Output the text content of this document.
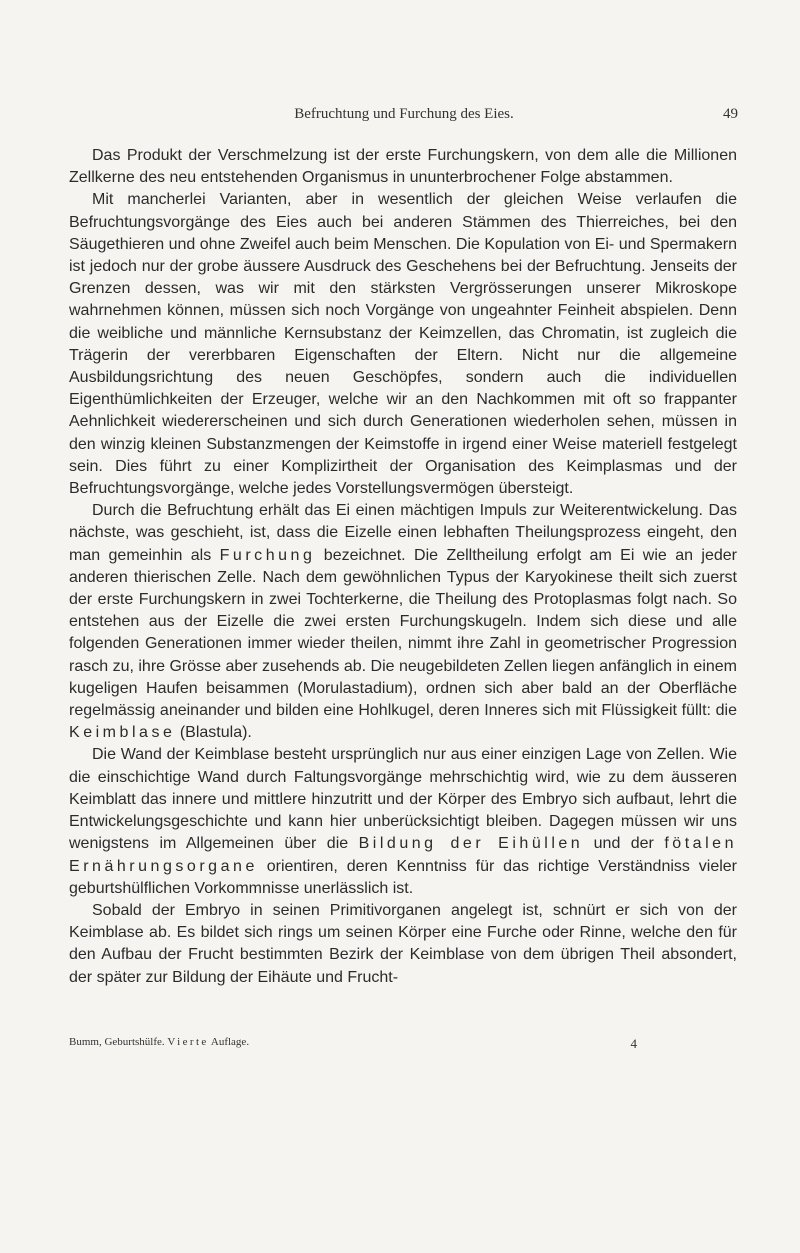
Befruchtung und Furchung des Eies.	49

Das Produkt der Verschmelzung ist der erste Furchungskern, von dem alle die Millionen Zellkerne des neu entstehenden Organismus in ununterbrochener Folge abstammen.

Mit mancherlei Varianten, aber in wesentlich der gleichen Weise verlaufen die Befruchtungsvorgänge des Eies auch bei anderen Stämmen des Thierreiches, bei den Säugethieren und ohne Zweifel auch beim Menschen. Die Kopulation von Ei- und Spermakern ist jedoch nur der grobe äussere Ausdruck des Geschehens bei der Befruchtung. Jenseits der Grenzen dessen, was wir mit den stärksten Vergrösserungen unserer Mikroskope wahrnehmen können, müssen sich noch Vorgänge von ungeahnter Feinheit abspielen. Denn die weibliche und männliche Kernsubstanz der Keimzellen, das Chromatin, ist zugleich die Trägerin der vererbbaren Eigenschaften der Eltern. Nicht nur die allgemeine Ausbildungsrichtung des neuen Geschöpfes, sondern auch die individuellen Eigenthümlichkeiten der Erzeuger, welche wir an den Nachkommen mit oft so frappanter Aehnlichkeit wiedererscheinen und sich durch Generationen wiederholen sehen, müssen in den winzig kleinen Substanzmengen der Keimstoffe in irgend einer Weise materiell festgelegt sein. Dies führt zu einer Komplizirtheit der Organisation des Keimplasmas und der Befruchtungsvorgänge, welche jedes Vorstellungsvermögen übersteigt.

Durch die Befruchtung erhält das Ei einen mächtigen Impuls zur Weiterentwickelung. Das nächste, was geschieht, ist, dass die Eizelle einen lebhaften Theilungsprozess eingeht, den man gemeinhin als Furchung bezeichnet. Die Zelltheilung erfolgt am Ei wie an jeder anderen thierischen Zelle. Nach dem gewöhnlichen Typus der Karyokinese theilt sich zuerst der erste Furchungskern in zwei Tochterkerne, die Theilung des Protoplasmas folgt nach. So entstehen aus der Eizelle die zwei ersten Furchungskugeln. Indem sich diese und alle folgenden Generationen immer wieder theilen, nimmt ihre Zahl in geometrischer Progression rasch zu, ihre Grösse aber zusehends ab. Die neugebildeten Zellen liegen anfänglich in einem kugeligen Haufen beisammen (Morulastadium), ordnen sich aber bald an der Oberfläche regelmässig aneinander und bilden eine Hohlkugel, deren Inneres sich mit Flüssigkeit füllt: die Keimblase (Blastula).

Die Wand der Keimblase besteht ursprünglich nur aus einer einzigen Lage von Zellen. Wie die einschichtige Wand durch Faltungsvorgänge mehrschichtig wird, wie zu dem äusseren Keimblatt das innere und mittlere hinzutritt und der Körper des Embryo sich aufbaut, lehrt die Entwickelungsgeschichte und kann hier unberücksichtigt bleiben. Dagegen müssen wir uns wenigstens im Allgemeinen über die Bildung der Eihüllen und der fötalen Ernährungsorgane orientiren, deren Kenntniss für das richtige Verständniss vieler geburtshülflichen Vorkommnisse unerlässlich ist.

Sobald der Embryo in seinen Primitivorganen angelegt ist, schnürt er sich von der Keimblase ab. Es bildet sich rings um seinen Körper eine Furche oder Rinne, welche den für den Aufbau der Frucht bestimmten Bezirk der Keimblase von dem übrigen Theil absondert, der später zur Bildung der Eihäute und Frucht-

Bumm, Geburtshülfe. Vierte Auflage.	4
